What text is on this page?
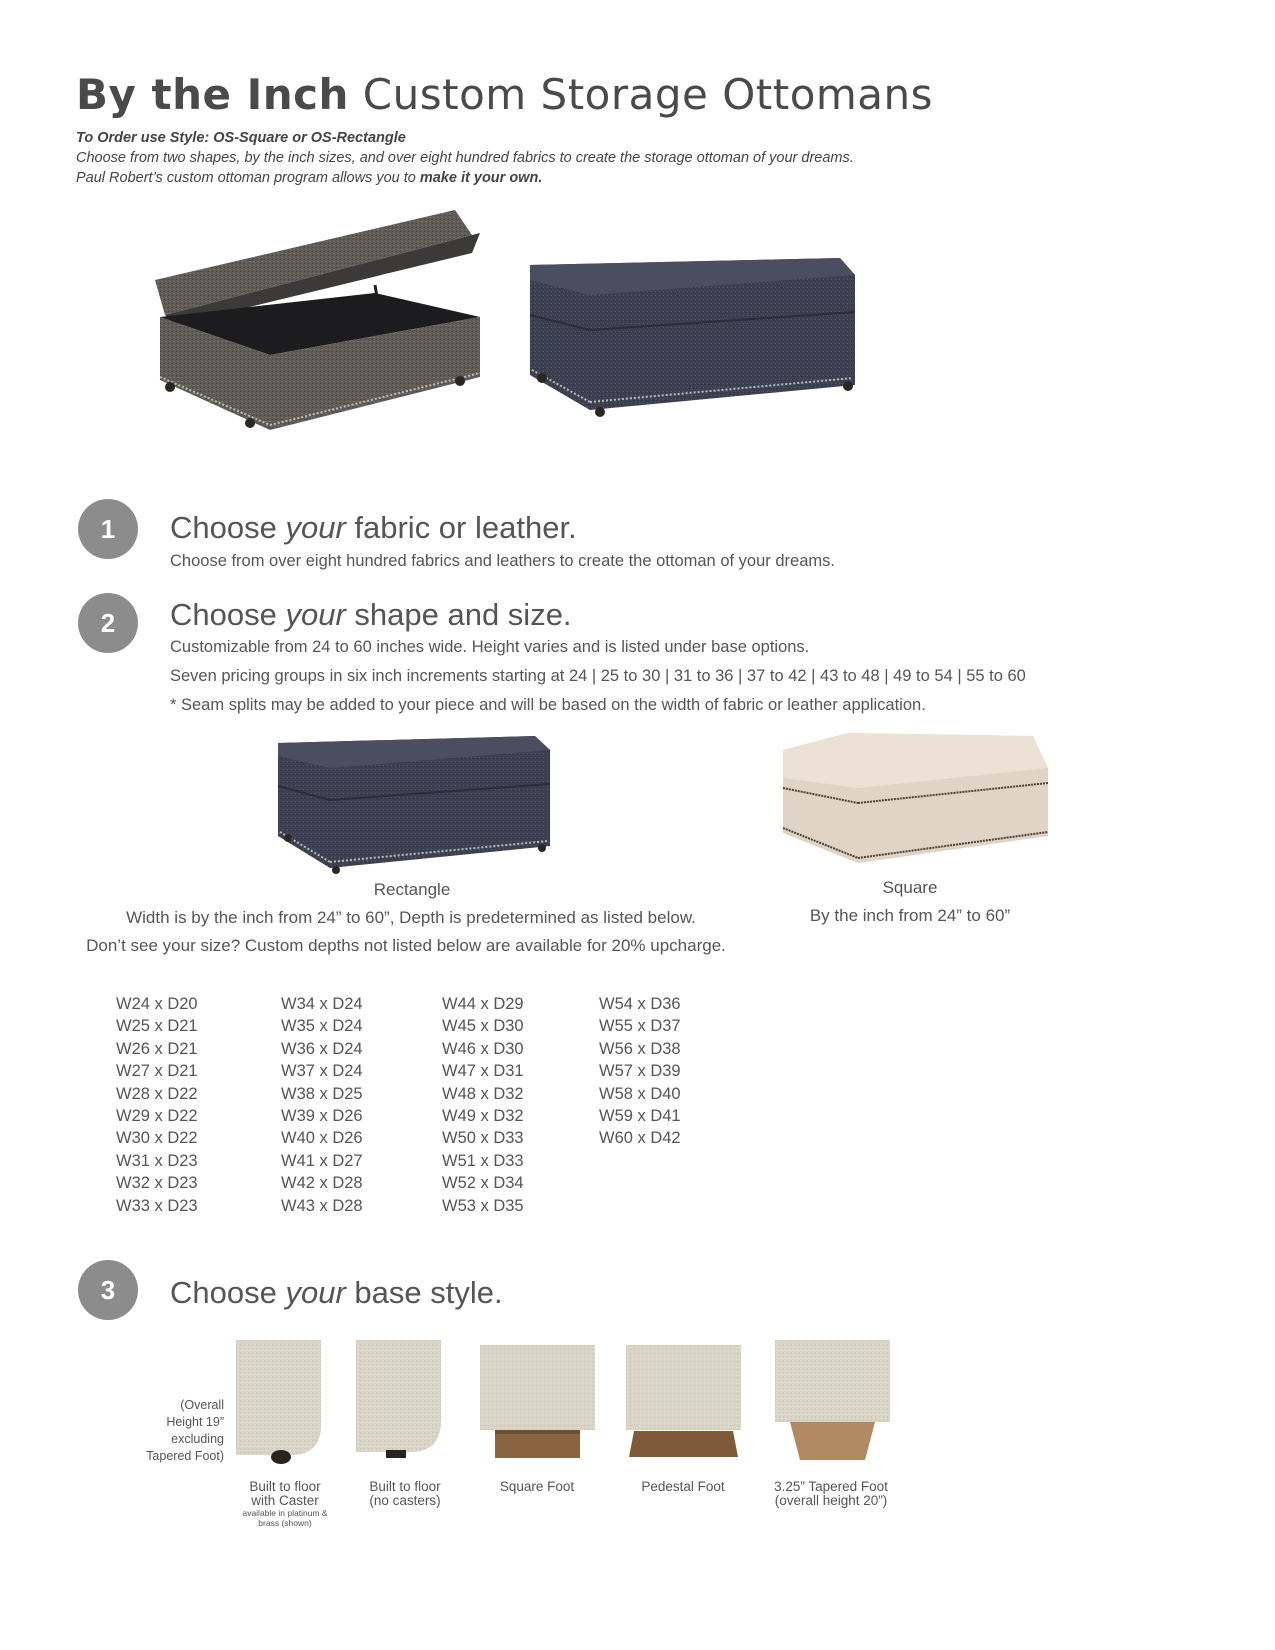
By the Inch Custom Storage Ottomans
To Order use Style: OS-Square or OS-Rectangle
Choose from two shapes, by the inch sizes, and over eight hundred fabrics to create the storage ottoman of your dreams.
Paul Robert’s custom ottoman program allows you to make it your own.
1	Choose your fabric or leather.
Choose from over eight hundred fabrics and leathers to create the ottoman of your dreams.
2	Choose your shape and size.
Customizable from 24 to 60 inches wide. Height varies and is listed under base options.
Seven pricing groups in six inch increments starting at 24 | 25 to 30 | 31 to 36 | 37 to 42 | 43 to 48 | 49 to 54 | 55 to 60
* Seam splits may be added to your piece and will be based on the width of fabric or leather application.
Rectangle
Width is by the inch from 24” to 60”, Depth is predetermined as listed below.
Don’t see your size? Custom depths not listed below are available for 20% upcharge.
Square
By the inch from 24” to 60”
W24 x D20
W25 x D21
W26 x D21
W27 x D21
W28 x D22
W29 x D22
W30 x D22
W31 x D23
W32 x D23
W33 x D23
W34 x D24
W35 x D24
W36 x D24
W37 x D24
W38 x D25
W39 x D26
W40 x D26
W41 x D27
W42 x D28
W43 x D28
W44 x D29
W45 x D30
W46 x D30
W47 x D31
W48 x D32
W49 x D32
W50 x D33
W51 x D33
W52 x D34
W53 x D35
W54 x D36
W55 x D37
W56 x D38
W57 x D39
W58 x D40
W59 x D41
W60 x D42
3	Choose your base style.
(Overall
Height 19”
excluding
Tapered Foot)
Built to floor
with Caster
available in platinum &
brass (shown)
Built to floor
(no casters)
Square Foot	Pedestal Foot	3.25” Tapered Foot
(overall height 20”)
